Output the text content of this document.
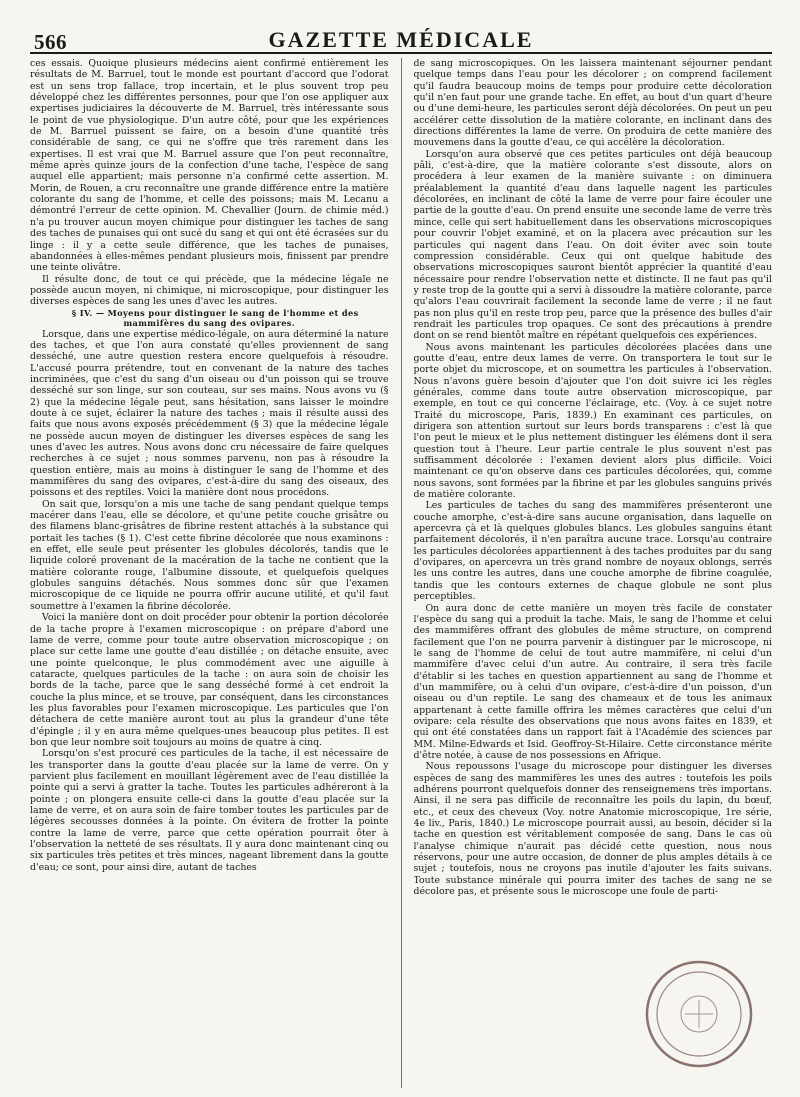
566	GAZETTE MÉDICALE

ces essais. Quoique plusieurs médecins aient confirmé entièrement les résultats de M. Barruel, tout le monde est pourtant d'accord que l'odorat est un sens trop fallace, trop incertain, et le plus souvent trop peu développé chez les différentes personnes, pour que l'on ose appliquer aux expertises judiciaires la découverte de M. Barruel, très intéressante sous le point de vue physiologique. D'un autre côté, pour que les expériences de M. Barruel puissent se faire, on a besoin d'une quantité très considérable de sang, ce qui ne s'offre que très rarement dans les expertises. Il est vrai que M. Barruel assure que l'on peut reconnaître, même après quinze jours de la confection d'une tache, l'espèce de sang auquel elle appartient; mais personne n'a confirmé cette assertion. M. Morin, de Rouen, a cru reconnaître une grande différence entre la matière colorante du sang de l'homme, et celle des poissons; mais M. Lecanu a démontré l'erreur de cette opinion. M. Chevallier (Journ. de chimie méd.) n'a pu trouver aucun moyen chimique pour distinguer les taches de sang des taches de punaises qui ont sucé du sang et qui ont été écrasées sur du linge : il y a cette seule différence, que les taches de punaises, abandonnées à elles-mêmes pendant plusieurs mois, finissent par prendre une teinte olivâtre.

Il résulte donc, de tout ce qui précède, que la médecine légale ne possède aucun moyen, ni chimique, ni microscopique, pour distinguer les diverses espèces de sang les unes d'avec les autres.

§ IV. — Moyens pour distinguer le sang de l'homme et des mammifères du sang des ovipares.

Lorsque, dans une expertise médico-légale, on aura déterminé la nature des taches, et que l'on aura constaté qu'elles proviennent de sang desséché, une autre question restera encore quelquefois à résoudre. L'accusé pourra prétendre, tout en convenant de la nature des taches incriminées, que c'est du sang d'un oiseau ou d'un poisson qui se trouve desséché sur son linge, sur son couteau, sur ses mains. Nous avons vu (§ 2) que la médecine légale peut, sans hésitation, sans laisser le moindre doute à ce sujet, éclairer la nature des taches ; mais il résulte aussi des faits que nous avons exposés précédemment (§ 3) que la médecine légale ne possède aucun moyen de distinguer les diverses espèces de sang les unes d'avec les autres. Nous avons donc cru nécessaire de faire quelques recherches à ce sujet ; nous sommes parvenu, non pas à résoudre la question entière, mais au moins à distinguer le sang de l'homme et des mammifères du sang des ovipares, c'est-à-dire du sang des oiseaux, des poissons et des reptiles. Voici la manière dont nous procédons.

On sait que, lorsqu'on a mis une tache de sang pendant quelque temps macérer dans l'eau, elle se décolore, et qu'une petite couche grisâtre ou des filamens blanc-grisâtres de fibrine restent attachés à la substance qui portait les taches (§ 1). C'est cette fibrine décolorée que nous examinons : en effet, elle seule peut présenter les globules décolorés, tandis que le liquide coloré provenant de la macération de la tache ne contient que la matière colorante rouge, l'albumine dissoute, et quelquefois quelques globules sanguins détachés. Nous sommes donc sûr que l'examen microscopique de ce liquide ne pourra offrir aucune utilité, et qu'il faut soumettre à l'examen la fibrine décolorée.

Voici la manière dont on doit procéder pour obtenir la portion décolorée de la tache propre à l'examen microscopique : on prépare d'abord une lame de verre, comme pour toute autre observation microscopique ; on place sur cette lame une goutte d'eau distillée ; on détache ensuite, avec une pointe quelconque, le plus commodément avec une aiguille à cataracte, quelques particules de la tache : on aura soin de choisir les bords de la tache, parce que le sang desséché formé à cet endroit la couche la plus mince, et se trouve, par conséquent, dans les circonstances les plus favorables pour l'examen microscopique. Les particules que l'on détachera de cette manière auront tout au plus la grandeur d'une tête d'épingle ; il y en aura même quelques-unes beaucoup plus petites. Il est bon que leur nombre soit toujours au moins de quatre à cinq.

Lorsqu'on s'est procuré ces particules de la tache, il est nécessaire de les transporter dans la goutte d'eau placée sur la lame de verre. On y parvient plus facilement en mouillant légèrement avec de l'eau distillée la pointe qui a servi à gratter la tache. Toutes les particules adhéreront à la pointe ; on plongera ensuite celle-ci dans la goutte d'eau placée sur la lame de verre, et on aura soin de faire tomber toutes les particules par de légères secousses données à la pointe. On évitera de frotter la pointe contre la lame de verre, parce que cette opération pourrait ôter à l'observation la netteté de ses résultats. Il y aura donc maintenant cinq ou six particules très petites et très minces, nageant librement dans la goutte d'eau; ce sont, pour ainsi dire, autant de taches

de sang microscopiques. On les laissera maintenant séjourner pendant quelque temps dans l'eau pour les décolorer ; on comprend facilement qu'il faudra beaucoup moins de temps pour produire cette décoloration qu'il n'en faut pour une grande tache. En effet, au bout d'un quart d'heure ou d'une demi-heure, les particules seront déjà décolorées. On peut un peu accélérer cette dissolution de la matière colorante, en inclinant dans des directions différentes la lame de verre. On produira de cette manière des mouvemens dans la goutte d'eau, ce qui accélère la décoloration.

Lorsqu'on aura observé que ces petites particules ont déjà beaucoup pâli, c'est-à-dire, que la matière colorante s'est dissoute, alors on procédera à leur examen de la manière suivante : on diminuera préalablement la quantité d'eau dans laquelle nagent les particules décolorées, en inclinant de côté la lame de verre pour faire écouler une partie de la goutte d'eau. On prend ensuite une seconde lame de verre très mince, celle qui sert habituellement dans les observations microscopiques pour couvrir l'objet examiné, et on la placera avec précaution sur les particules qui nagent dans l'eau. On doit éviter avec soin toute compression considérable. Ceux qui ont quelque habitude des observations microscopiques sauront bientôt apprécier la quantité d'eau nécessaire pour rendre l'observation nette et distincte. Il ne faut pas qu'il y reste trop de la goutte qui a servi à dissoudre la matière colorante, parce qu'alors l'eau couvrirait facilement la seconde lame de verre ; il ne faut pas non plus qu'il en reste trop peu, parce que la présence des bulles d'air rendrait les particules trop opaques. Ce sont des précautions à prendre dont on se rend bientôt maître en répétant quelquefois ces expériences.

Nous avons maintenant les particules décolorées placées dans une goutte d'eau, entre deux lames de verre. On transportera le tout sur le porte objet du microscope, et on soumettra les particules à l'observation. Nous n'avons guère besoin d'ajouter que l'on doit suivre ici les règles générales, comme dans toute autre observation microscopique, par exemple, en tout ce qui concerne l'éclairage, etc. (Voy. à ce sujet notre Traité du microscope, Paris, 1839.) En examinant ces particules, on dirigera son attention surtout sur leurs bords transparens : c'est là que l'on peut le mieux et le plus nettement distinguer les élémens dont il sera question tout à l'heure. Leur partie centrale le plus souvent n'est pas suffisamment décolorée : l'examen devient alors plus difficile. Voici maintenant ce qu'on observe dans ces particules décolorées, qui, comme nous savons, sont formées par la fibrine et par les globules sanguins privés de matière colorante.

Les particules de taches du sang des mammifères présenteront une couche amorphe, c'est-à-dire sans aucune organisation, dans laquelle on apercevra çà et là quelques globules blancs. Les globules sanguins étant parfaitement décolorés, il n'en paraîtra aucune trace. Lorsqu'au contraire les particules décolorées appartiennent à des taches produites par du sang d'ovipares, on apercevra un très grand nombre de noyaux oblongs, serrés les uns contre les autres, dans une couche amorphe de fibrine coagulée, tandis que les contours externes de chaque globule ne sont plus perceptibles.

On aura donc de cette manière un moyen très facile de constater l'espèce du sang qui a produit la tache. Mais, le sang de l'homme et celui des mammifères offrant des globules de même structure, on comprend facilement que l'on ne pourra parvenir à distinguer par le microscope, ni le sang de l'homme de celui de tout autre mammifère, ni celui d'un mammifère d'avec celui d'un autre. Au contraire, il sera très facile d'établir si les taches en question appartiennent au sang de l'homme et d'un mammifère, ou à celui d'un ovipare, c'est-à-dire d'un poisson, d'un oiseau ou d'un reptile. Le sang des chameaux et de tous les animaux appartenant à cette famille offrira les mêmes caractères que celui d'un ovipare: cela résulte des observations que nous avons faites en 1839, et qui ont été constatées dans un rapport fait à l'Académie des sciences par MM. Milne-Edwards et Isid. Geoffroy-St-Hilaire. Cette circonstance mérite d'être notée, à cause de nos possessions en Afrique.

Nous repoussons l'usage du microscope pour distinguer les diverses espèces de sang des mammifères les unes des autres : toutefois les poils adhérens pourront quelquefois donner des renseignemens très importans. Ainsi, il ne sera pas difficile de reconnaître les poils du lapin, du bœuf, etc., et ceux des cheveux (Voy. notre Anatomie microscopique, 1re série, 4e liv., Paris, 1840.) Le microscope pourrait aussi, au besoin, décider si la tache en question est véritablement composée de sang. Dans le cas où l'analyse chimique n'aurait pas décidé cette question, nous nous réservons, pour une autre occasion, de donner de plus amples détails à ce sujet ; toutefois, nous ne croyons pas inutile d'ajouter les faits suivans. Toute substance minérale qui pourra imiter des taches de sang ne se décolore pas, et présente sous le microscope une foule de parti-
